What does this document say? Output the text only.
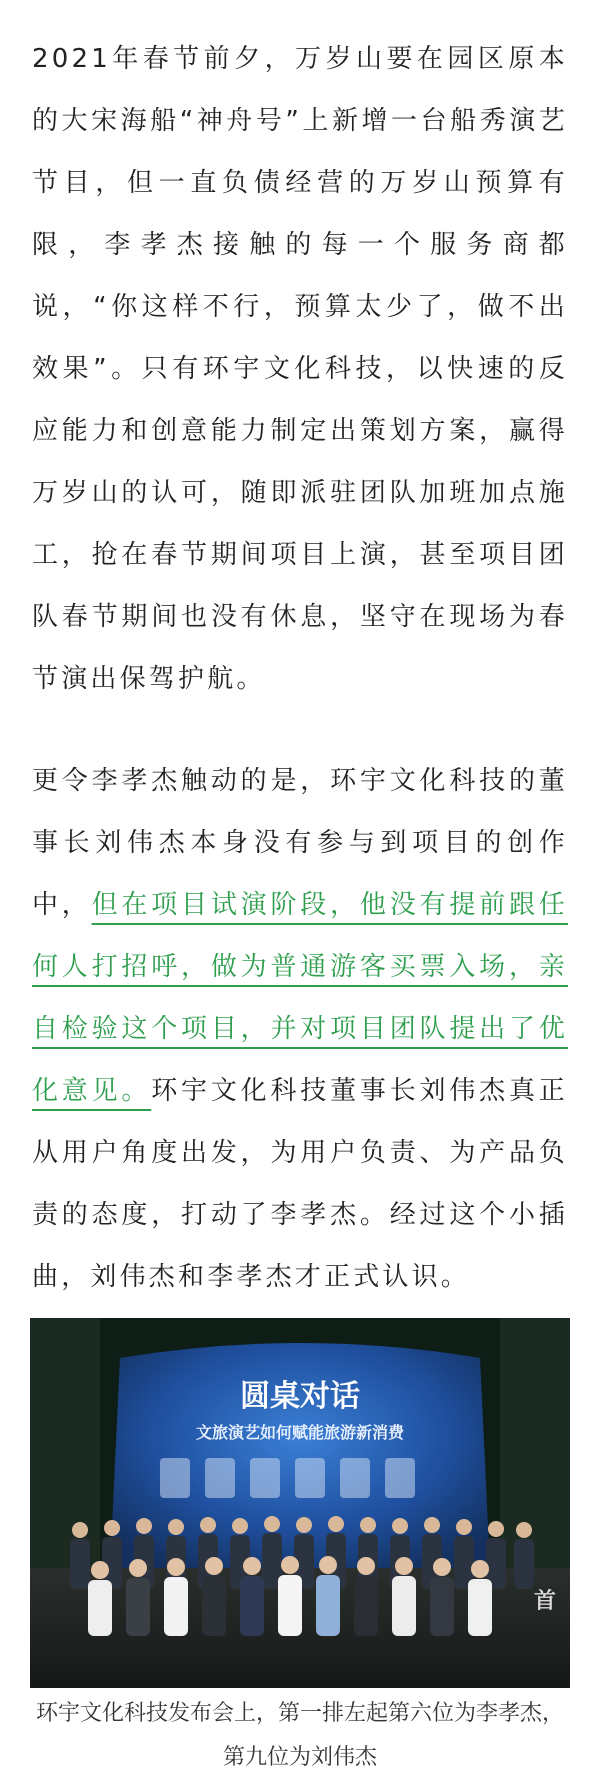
2021年春节前夕，万岁山要在园区原本的大宋海船“神舟号”上新增一台船秀演艺节目，但一直负债经营的万岁山预算有限，李孝杰接触的每一个服务商都说，“你这样不行，预算太少了，做不出效果”。只有环宇文化科技，以快速的反应能力和创意能力制定出策划方案，赢得万岁山的认可，随即派驻团队加班加点施工，抢在春节期间项目上演，甚至项目团队春节期间也没有休息，坚守在现场为春节演出保驾护航。

更令李孝杰触动的是，环宇文化科技的董事长刘伟杰本身没有参与到项目的创作中，但在项目试演阶段，他没有提前跟任何人打招呼，做为普通游客买票入场，亲自检验这个项目，并对项目团队提出了优化意见。环宇文化科技董事长刘伟杰真正从用户角度出发，为用户负责、为产品负责的态度，打动了李孝杰。经过这个小插曲，刘伟杰和李孝杰才正式认识。

圆桌对话
文旅演艺如何赋能旅游新消费
首

环宇文化科技发布会上，第一排左起第六位为李孝杰，第九位为刘伟杰
